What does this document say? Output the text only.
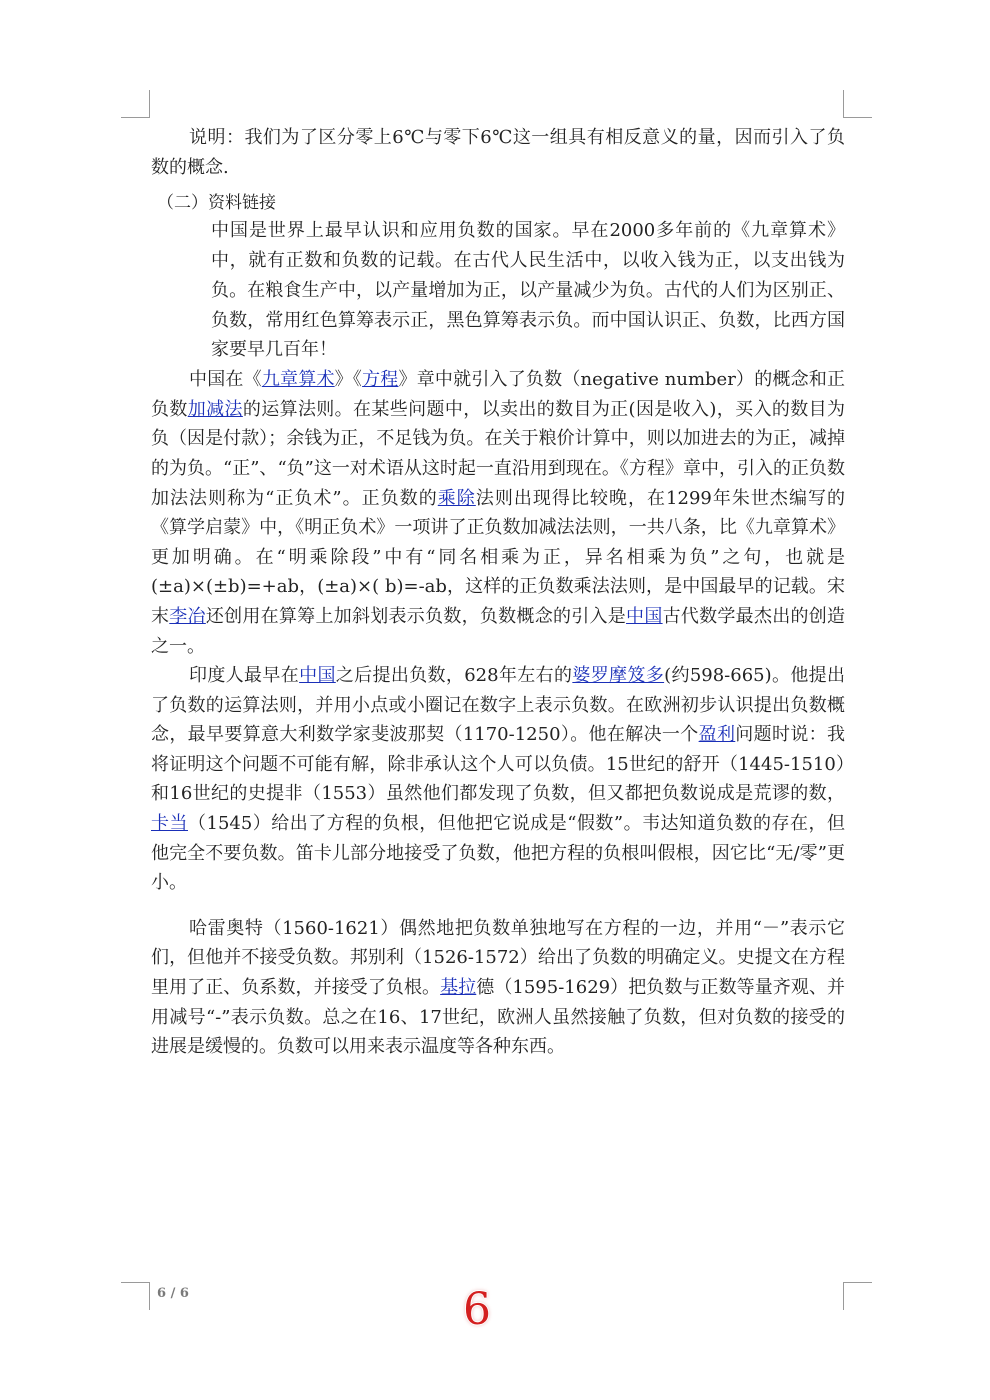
说明：我们为了区分零上6℃与零下6℃这一组具有相反意义的量，因而引入了负数的概念.

（二）资料链接

中国是世界上最早认识和应用负数的国家。早在2000多年前的《九章算术》中，就有正数和负数的记载。在古代人民生活中，以收入钱为正，以支出钱为负。在粮食生产中，以产量增加为正，以产量减少为负。古代的人们为区别正、负数，常用红色算筹表示正，黑色算筹表示负。而中国认识正、负数，比西方国家要早几百年！

中国在《九章算术》《方程》章中就引入了负数（negative number）的概念和正负数加减法的运算法则。在某些问题中，以卖出的数目为正(因是收入)，买入的数目为负（因是付款）；余钱为正，不足钱为负。在关于粮价计算中，则以加进去的为正，减掉的为负。“正”、“负”这一对术语从这时起一直沿用到现在。《方程》章中，引入的正负数加法法则称为“正负术”。正负数的乘除法则出现得比较晚，在1299年朱世杰编写的《算学启蒙》中，《明正负术》一项讲了正负数加减法法则，一共八条，比《九章算术》更加明确。在“明乘除段”中有“同名相乘为正，异名相乘为负”之句，也就是(±a)×(±b)=+ab，(±a)×( b)=-ab，这样的正负数乘法法则，是中国最早的记载。宋末李冶还创用在算筹上加斜划表示负数，负数概念的引入是中国古代数学最杰出的创造之一。

印度人最早在中国之后提出负数，628年左右的婆罗摩笈多(约598-665)。他提出了负数的运算法则，并用小点或小圈记在数字上表示负数。在欧洲初步认识提出负数概念，最早要算意大利数学家斐波那契（1170-1250）。他在解决一个盈利问题时说：我将证明这个问题不可能有解，除非承认这个人可以负债。15世纪的舒开（1445-1510）和16世纪的史提非（1553）虽然他们都发现了负数，但又都把负数说成是荒谬的数，卡当（1545）给出了方程的负根，但他把它说成是“假数”。韦达知道负数的存在，但他完全不要负数。笛卡儿部分地接受了负数，他把方程的负根叫假根，因它比“无/零”更小。

哈雷奥特（1560-1621）偶然地把负数单独地写在方程的一边，并用“－”表示它们，但他并不接受负数。邦别利（1526-1572）给出了负数的明确定义。史提文在方程里用了正、负系数，并接受了负根。基拉德（1595-1629）把负数与正数等量齐观、并用减号“-”表示负数。总之在16、17世纪，欧洲人虽然接触了负数，但对负数的接受的进展是缓慢的。负数可以用来表示温度等各种东西。

6 / 6	6
